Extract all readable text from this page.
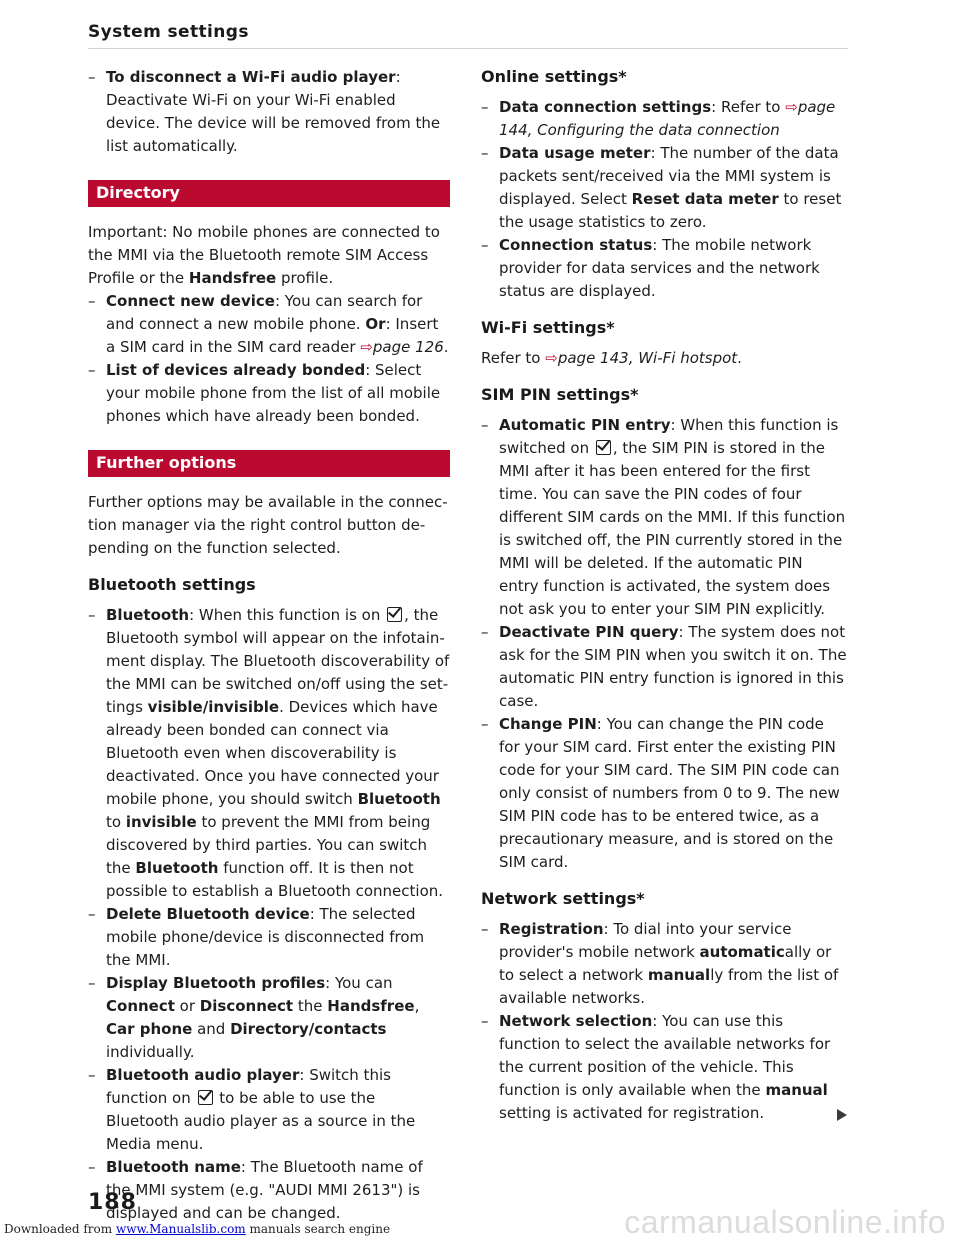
System settings

– To disconnect a Wi-Fi audio player: Deactivate Wi-Fi on your Wi-Fi enabled device. The device will be removed from the list automatically.

Directory

Important: No mobile phones are connected to the MMI via the Bluetooth remote SIM Access Profile or the Handsfree profile.

– Connect new device: You can search for and connect a new mobile phone. Or: Insert a SIM card in the SIM card reader ⇨page 126.

– List of devices already bonded: Select your mobile phone from the list of all mobile phones which have already been bonded.

Further options

Further options may be available in the connection manager via the right control button depending on the function selected.

Bluetooth settings

– Bluetooth: When this function is on , the Bluetooth symbol will appear on the infotainment display. The Bluetooth discoverability of the MMI can be switched on/off using the settings visible/invisible. Devices which have already been bonded can connect via Bluetooth even when discoverability is deactivated. Once you have connected your mobile phone, you should switch Bluetooth to invisible to prevent the MMI from being discovered by third parties. You can switch the Bluetooth function off. It is then not possible to establish a Bluetooth connection.

– Delete Bluetooth device: The selected mobile phone/device is disconnected from the MMI.

– Display Bluetooth profiles: You can Connect or Disconnect the Handsfree, Car phone and Directory/contacts individually.

– Bluetooth audio player: Switch this function on  to be able to use the Bluetooth audio player as a source in the Media menu.

– Bluetooth name: The Bluetooth name of the MMI system (e.g. "AUDI MMI 2613") is displayed and can be changed.

Online settings*

– Data connection settings: Refer to ⇨page 144, Configuring the data connection

– Data usage meter: The number of the data packets sent/received via the MMI system is displayed. Select Reset data meter to reset the usage statistics to zero.

– Connection status: The mobile network provider for data services and the network status are displayed.

Wi-Fi settings*

Refer to ⇨page 143, Wi-Fi hotspot.

SIM PIN settings*

– Automatic PIN entry: When this function is switched on , the SIM PIN is stored in the MMI after it has been entered for the first time. You can save the PIN codes of four different SIM cards on the MMI. If this function is switched off, the PIN currently stored in the MMI will be deleted. If the automatic PIN entry function is activated, the system does not ask you to enter your SIM PIN explicitly.

– Deactivate PIN query: The system does not ask for the SIM PIN when you switch it on. The automatic PIN entry function is ignored in this case.

– Change PIN: You can change the PIN code for your SIM card. First enter the existing PIN code for your SIM card. The SIM PIN code can only consist of numbers from 0 to 9. The new SIM PIN code has to be entered twice, as a precautionary measure, and is stored on the SIM card.

Network settings*

– Registration: To dial into your service provider's mobile network automatically or to select a network manually from the list of available networks.

– Network selection: You can use this function to select the available networks for the current position of the vehicle. This function is only available when the manual setting is activated for registration.

188
Downloaded from www.Manualslib.com manuals search engine	carmanualsonline.info
